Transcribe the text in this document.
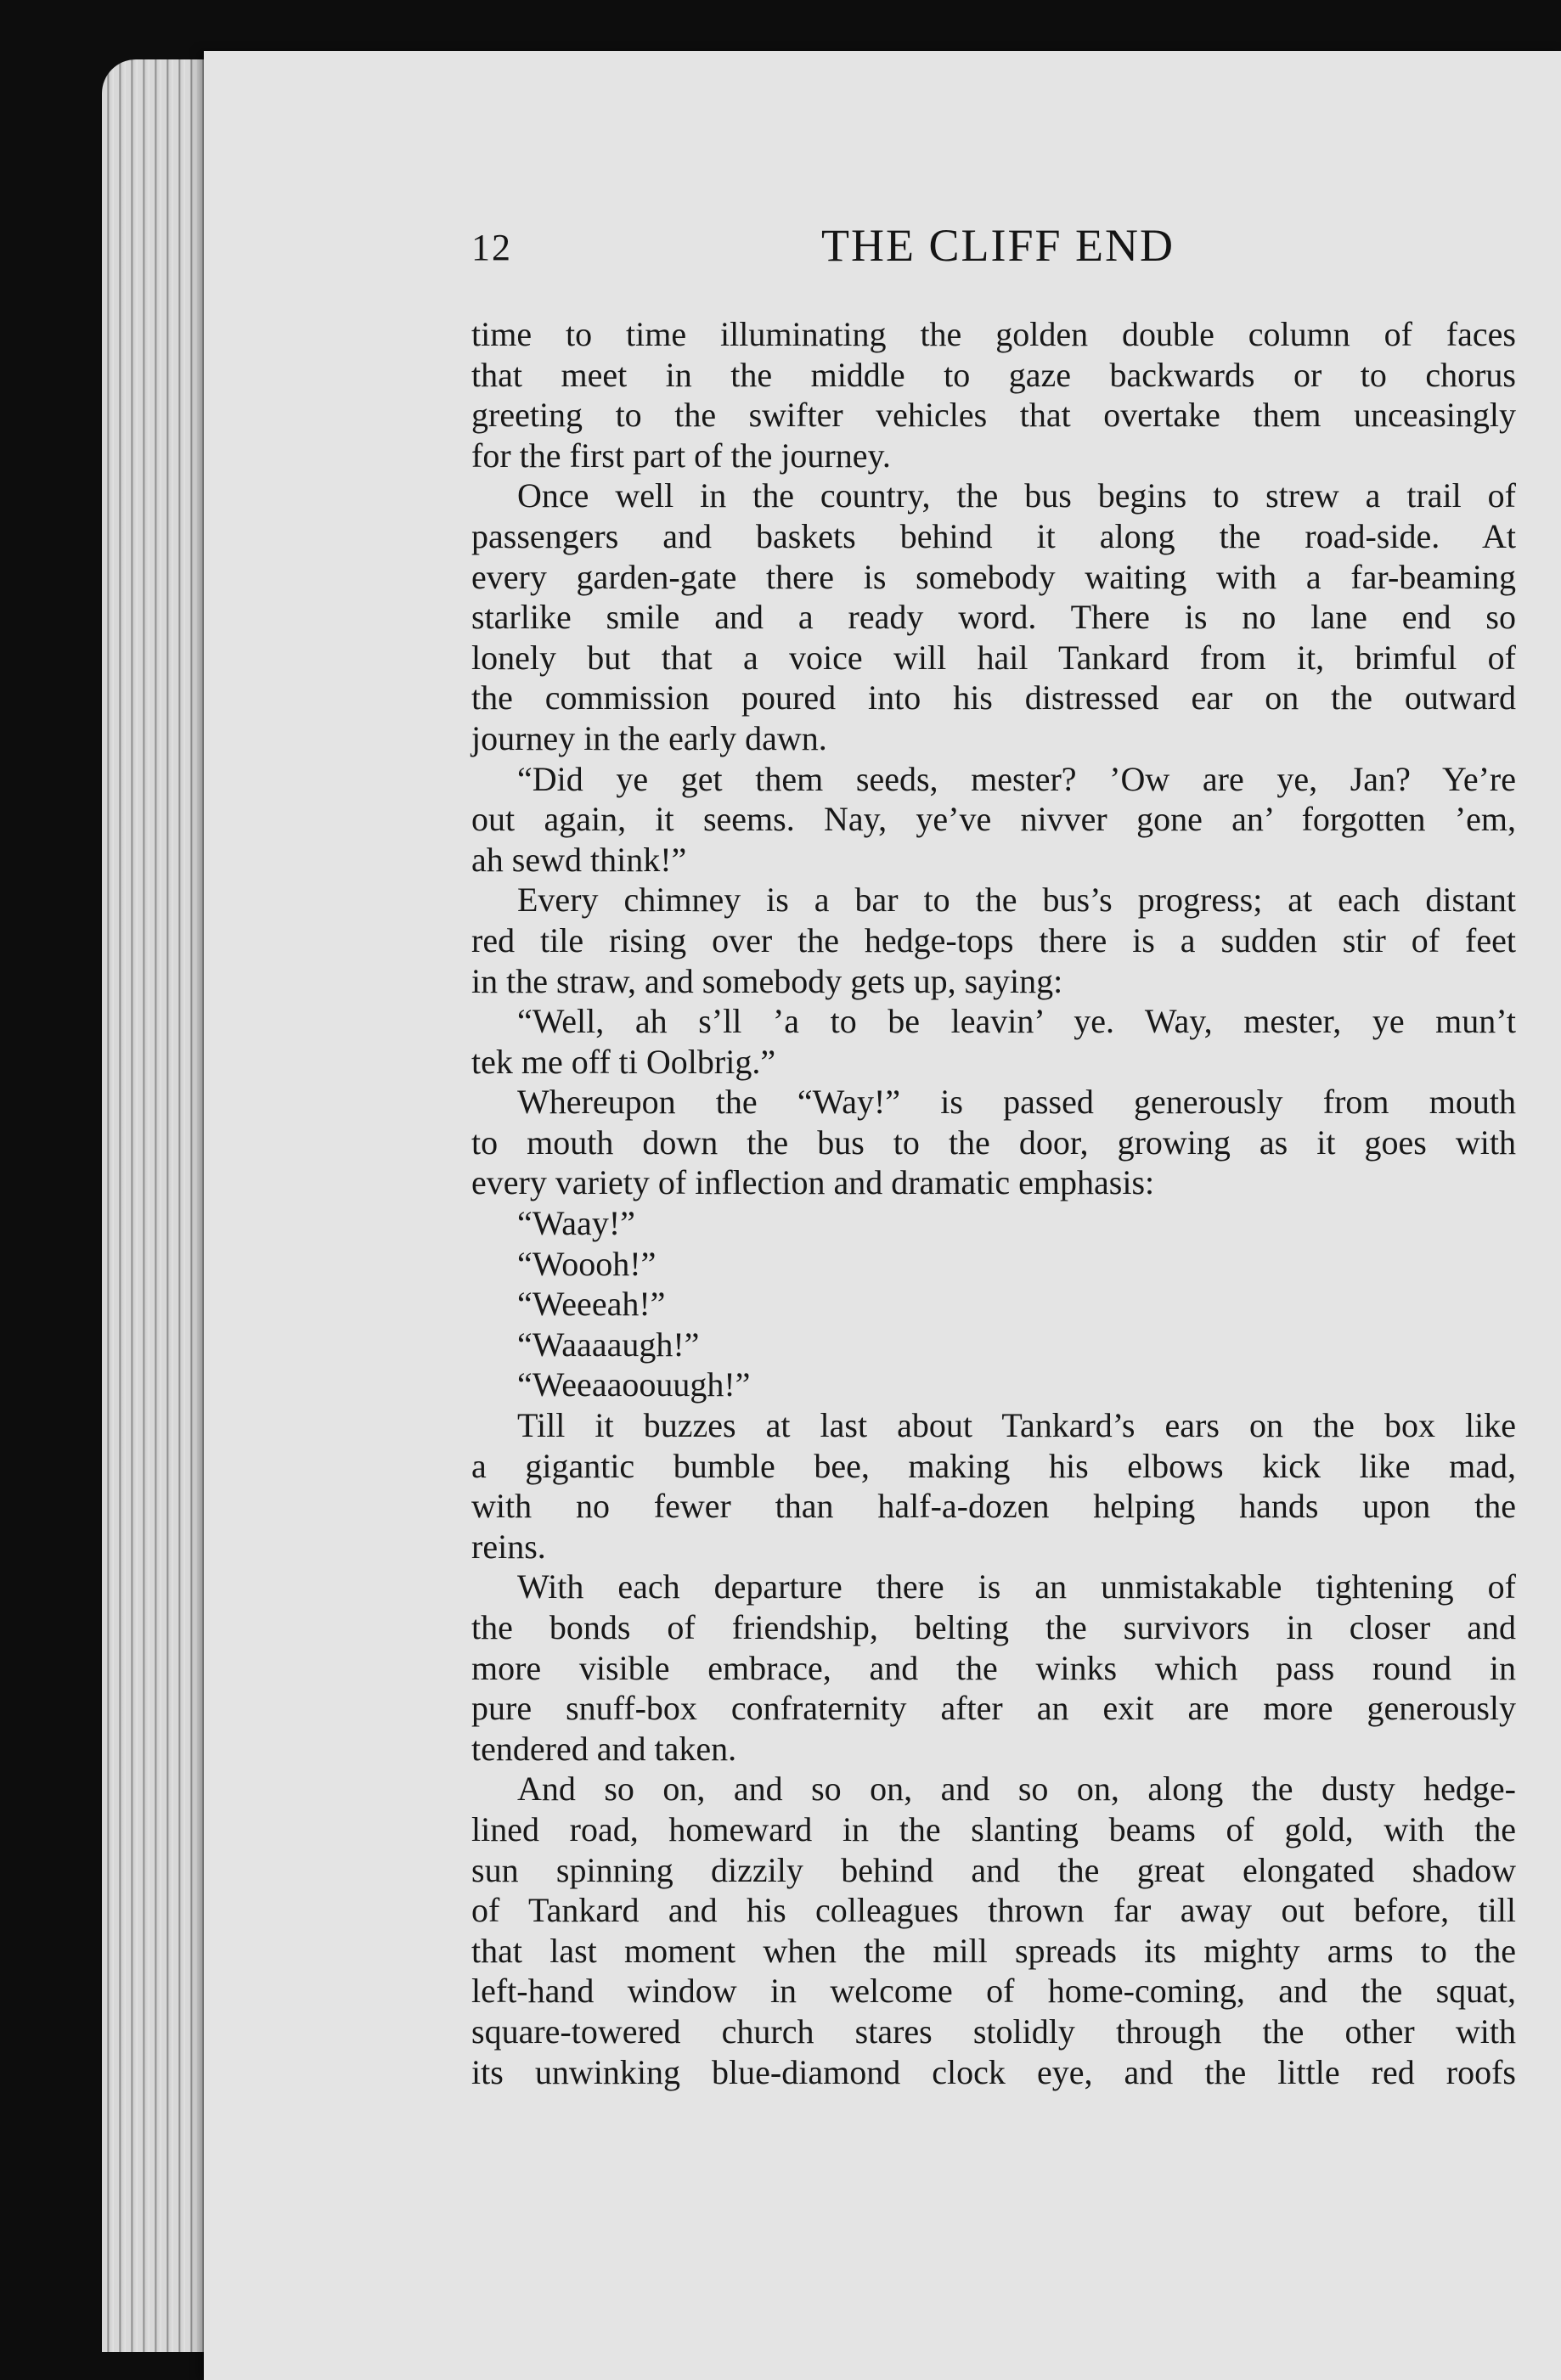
12	THE CLIFF END
time to time illuminating the golden double column of faces
that meet in the middle to gaze backwards or to chorus
greeting to the swifter vehicles that overtake them unceasingly
for the first part of the journey.
Once well in the country, the bus begins to strew a trail of
passengers and baskets behind it along the road-side. At
every garden-gate there is somebody waiting with a far-beaming
starlike smile and a ready word. There is no lane end so
lonely but that a voice will hail Tankard from it, brimful of
the commission poured into his distressed ear on the outward
journey in the early dawn.
“Did ye get them seeds, mester? ’Ow are ye, Jan? Ye’re
out again, it seems. Nay, ye’ve nivver gone an’ forgotten ’em,
ah sewd think!”
Every chimney is a bar to the bus’s progress; at each distant
red tile rising over the hedge-tops there is a sudden stir of feet
in the straw, and somebody gets up, saying:
“Well, ah s’ll ’a to be leavin’ ye. Way, mester, ye mun’t
tek me off ti Oolbrig.”
Whereupon the “Way!” is passed generously from mouth
to mouth down the bus to the door, growing as it goes with
every variety of inflection and dramatic emphasis:
“Waay!”
“Woooh!”
“Weeeah!”
“Waaaaugh!”
“Weeaaoouugh!”
Till it buzzes at last about Tankard’s ears on the box like
a gigantic bumble bee, making his elbows kick like mad,
with no fewer than half-a-dozen helping hands upon the
reins.
With each departure there is an unmistakable tightening of
the bonds of friendship, belting the survivors in closer and
more visible embrace, and the winks which pass round in
pure snuff-box confraternity after an exit are more generously
tendered and taken.
And so on, and so on, and so on, along the dusty hedge-
lined road, homeward in the slanting beams of gold, with the
sun spinning dizzily behind and the great elongated shadow
of Tankard and his colleagues thrown far away out before, till
that last moment when the mill spreads its mighty arms to the
left-hand window in welcome of home-coming, and the squat,
square-towered church stares stolidly through the other with
its unwinking blue-diamond clock eye, and the little red roofs
